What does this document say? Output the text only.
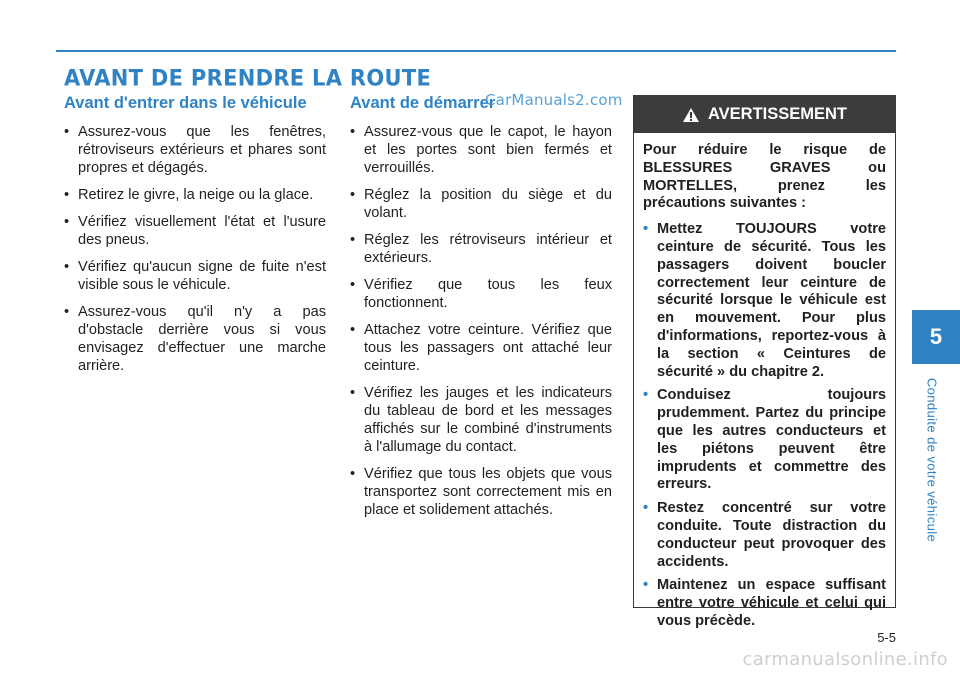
AVANT DE PRENDRE LA ROUTE
Avant d'entrer dans le véhicule
• Assurez-vous que les fenêtres, rétroviseurs extérieurs et phares sont propres et dégagés.
• Retirez le givre, la neige ou la glace.
• Vérifiez visuellement l'état et l'usure des pneus.
• Vérifiez qu'aucun signe de fuite n'est visible sous le véhicule.
• Assurez-vous qu'il n'y a pas d'obstacle derrière vous si vous envisagez d'effectuer une marche arrière.
Avant de démarrer
• Assurez-vous que le capot, le hayon et les portes sont bien fermés et verrouillés.
• Réglez la position du siège et du volant.
• Réglez les rétroviseurs intérieur et extérieurs.
• Vérifiez que tous les feux fonctionnent.
• Attachez votre ceinture. Vérifiez que tous les passagers ont attaché leur ceinture.
• Vérifiez les jauges et les indicateurs du tableau de bord et les messages affichés sur le combiné d'instruments à l'allumage du contact.
• Vérifiez que tous les objets que vous transportez sont correctement mis en place et solidement attachés.
CarManuals2.com
AVERTISSEMENT

Pour réduire le risque de BLESSURES GRAVES ou MORTELLES, prenez les précautions suivantes :

• Mettez TOUJOURS votre ceinture de sécurité. Tous les passagers doivent boucler correctement leur ceinture de sécurité lorsque le véhicule est en mouvement. Pour plus d'informations, reportez-vous à la section « Ceintures de sécurité » du chapitre 2.
• Conduisez toujours prudemment. Partez du principe que les autres conducteurs et les piétons peuvent être imprudents et commettre des erreurs.
• Restez concentré sur votre conduite. Toute distraction du conducteur peut provoquer des accidents.
• Maintenez un espace suffisant entre votre véhicule et celui qui vous précède.
5
Conduite de votre véhicule
5-5
carmanualsonline.info
